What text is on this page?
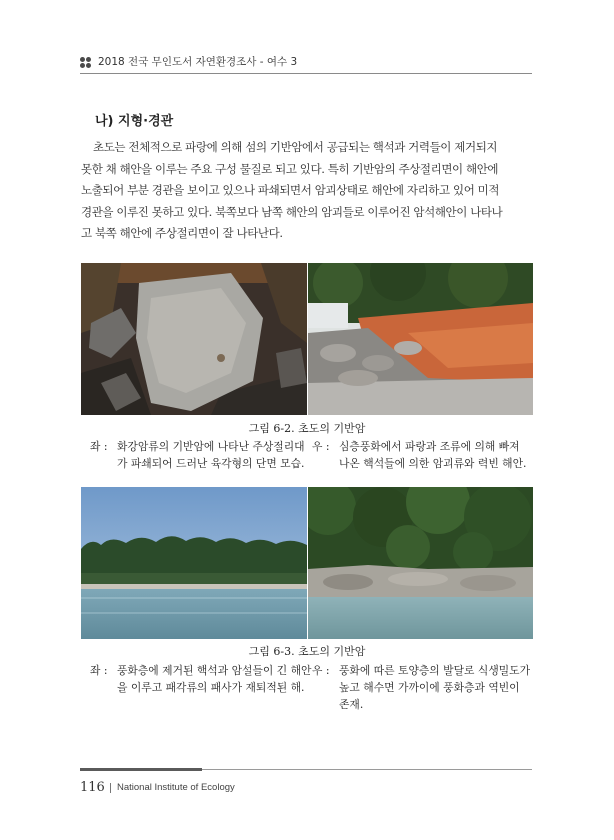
2018 전국 무인도서 자연환경조사 - 여수 3
나) 지형·경관
초도는 전체적으로 파랑에 의해 섬의 기반암에서 공급되는 핵석과 거력들이 제거되지
못한 채 해안을 이루는 주요 구성 물질로 되고 있다. 특히 기반암의 주상절리면이 해안에
노출되어 부분 경관을 보이고 있으나 파쇄되면서 암괴상태로 해안에 자리하고 있어 미적
경관을 이루진 못하고 있다. 북쪽보다 남쪽 해안의 암괴들로 이루어진 암석해안이 나타나
고 북쪽 해안에 주상절리면이 잘 나타난다.
그림 6-2. 초도의 기반암
좌 : 화강암류의 기반암에 나타난 주상절리대
가 파쇄되어 드러난 육각형의 단면 모습.
우 : 심층풍화에서 파랑과 조류에 의해 빠져
나온 핵석들에 의한 암괴류와 력빈 해안.
그림 6-3. 초도의 기반암
좌 : 풍화층에 제거된 핵석과 암설들이 긴 해안
을 이루고 패각류의 패사가 재퇴적된 해.
우 : 풍화에 따른 토양층의 발달로 식생밀도가
높고 해수면 가까이에 풍화층과 역빈이
존재.
116 National Institute of Ecology
